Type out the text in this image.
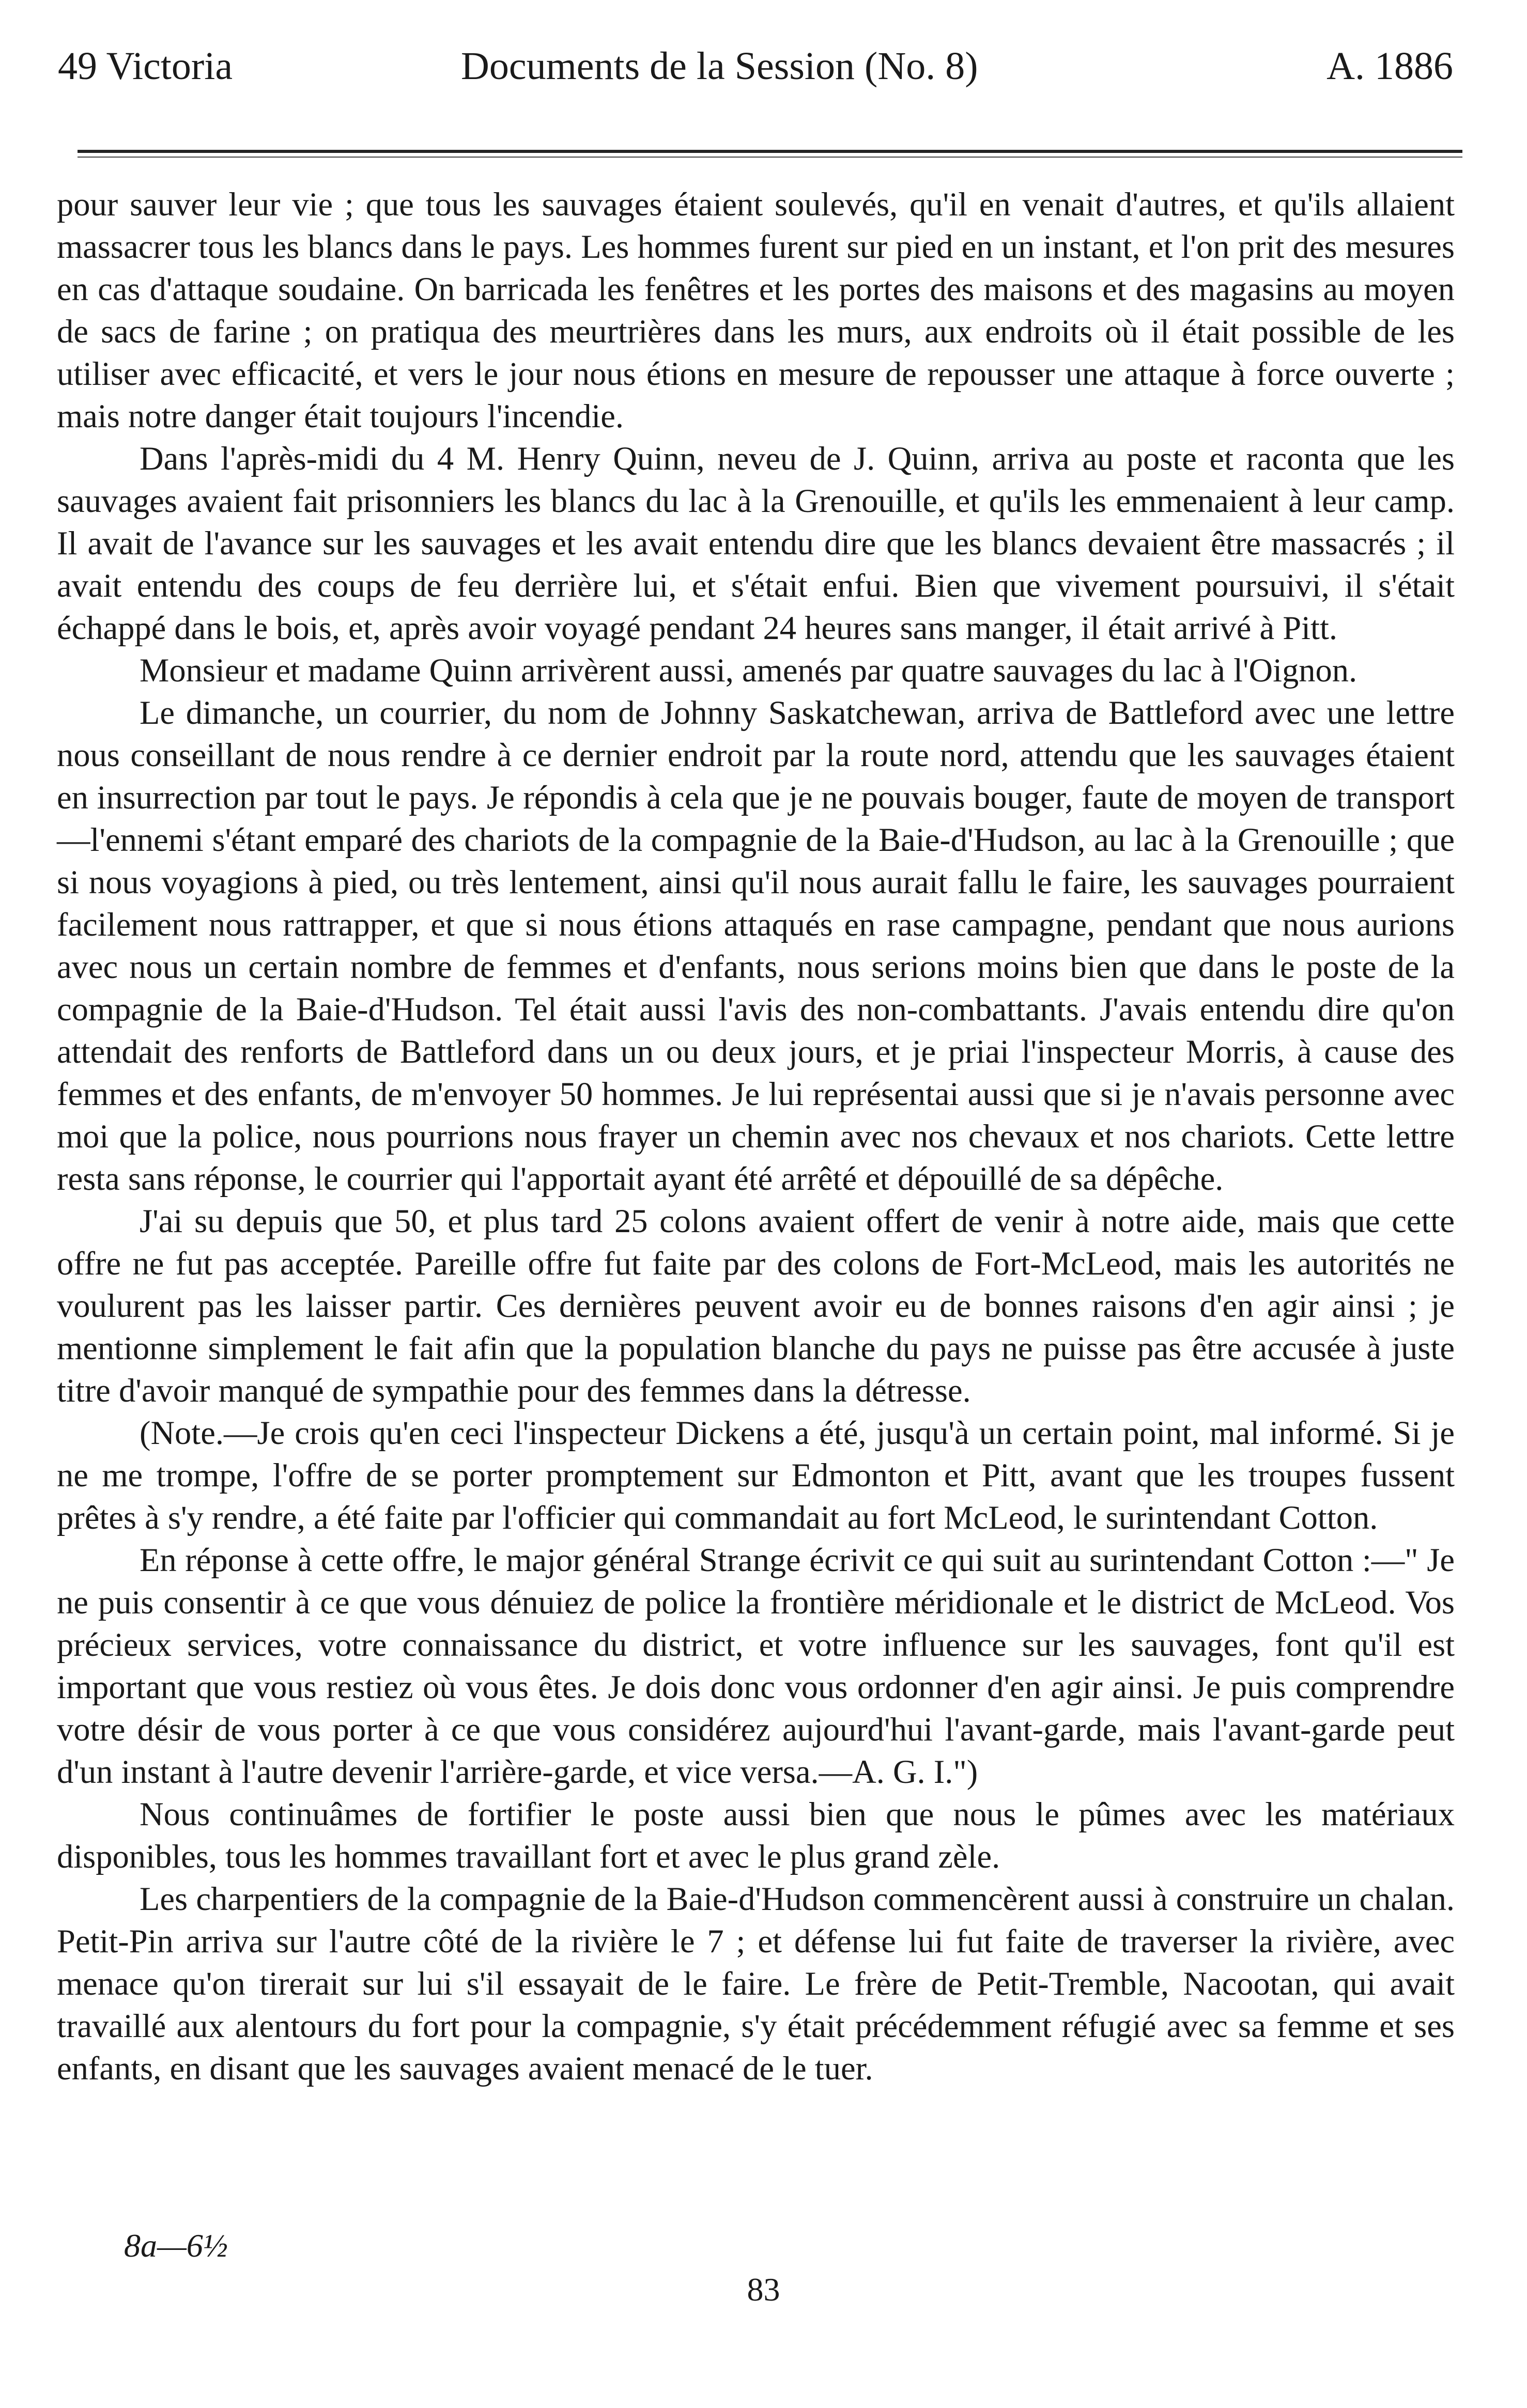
49 Victoria	Documents de la Session (No. 8)	A. 1886

pour sauver leur vie ; que tous les sauvages étaient soulevés, qu'il en venait d'autres, et qu'ils allaient massacrer tous les blancs dans le pays. Les hommes furent sur pied en un instant, et l'on prit des mesures en cas d'attaque soudaine. On barricada les fenêtres et les portes des maisons et des magasins au moyen de sacs de farine ; on pratiqua des meurtrières dans les murs, aux endroits où il était possible de les utiliser avec efficacité, et vers le jour nous étions en mesure de repousser une attaque à force ouverte ; mais notre danger était toujours l'incendie.

Dans l'après-midi du 4 M. Henry Quinn, neveu de J. Quinn, arriva au poste et raconta que les sauvages avaient fait prisonniers les blancs du lac à la Grenouille, et qu'ils les emmenaient à leur camp. Il avait de l'avance sur les sauvages et les avait entendu dire que les blancs devaient être massacrés ; il avait entendu des coups de feu derrière lui, et s'était enfui. Bien que vivement poursuivi, il s'était échappé dans le bois, et, après avoir voyagé pendant 24 heures sans manger, il était arrivé à Pitt.

Monsieur et madame Quinn arrivèrent aussi, amenés par quatre sauvages du lac à l'Oignon.

Le dimanche, un courrier, du nom de Johnny Saskatchewan, arriva de Battleford avec une lettre nous conseillant de nous rendre à ce dernier endroit par la route nord, attendu que les sauvages étaient en insurrection par tout le pays. Je répondis à cela que je ne pouvais bouger, faute de moyen de transport—l'ennemi s'étant emparé des chariots de la compagnie de la Baie-d'Hudson, au lac à la Grenouille ; que si nous voyagions à pied, ou très lentement, ainsi qu'il nous aurait fallu le faire, les sauvages pourraient facilement nous rattrapper, et que si nous étions attaqués en rase campagne, pendant que nous aurions avec nous un certain nombre de femmes et d'enfants, nous serions moins bien que dans le poste de la compagnie de la Baie-d'Hudson. Tel était aussi l'avis des non-combattants. J'avais entendu dire qu'on attendait des renforts de Battleford dans un ou deux jours, et je priai l'inspecteur Morris, à cause des femmes et des enfants, de m'envoyer 50 hommes. Je lui représentai aussi que si je n'avais personne avec moi que la police, nous pourrions nous frayer un chemin avec nos chevaux et nos chariots. Cette lettre resta sans réponse, le courrier qui l'apportait ayant été arrêté et dépouillé de sa dépêche.

J'ai su depuis que 50, et plus tard 25 colons avaient offert de venir à notre aide, mais que cette offre ne fut pas acceptée. Pareille offre fut faite par des colons de Fort-McLeod, mais les autorités ne voulurent pas les laisser partir. Ces dernières peuvent avoir eu de bonnes raisons d'en agir ainsi ; je mentionne simplement le fait afin que la population blanche du pays ne puisse pas être accusée à juste titre d'avoir manqué de sympathie pour des femmes dans la détresse.

(Note.—Je crois qu'en ceci l'inspecteur Dickens a été, jusqu'à un certain point, mal informé. Si je ne me trompe, l'offre de se porter promptement sur Edmonton et Pitt, avant que les troupes fussent prêtes à s'y rendre, a été faite par l'officier qui commandait au fort McLeod, le surintendant Cotton.

En réponse à cette offre, le major général Strange écrivit ce qui suit au surintendant Cotton :—" Je ne puis consentir à ce que vous dénuiez de police la frontière méridionale et le district de McLeod. Vos précieux services, votre connaissance du district, et votre influence sur les sauvages, font qu'il est important que vous restiez où vous êtes. Je dois donc vous ordonner d'en agir ainsi. Je puis comprendre votre désir de vous porter à ce que vous considérez aujourd'hui l'avant-garde, mais l'avant-garde peut d'un instant à l'autre devenir l'arrière-garde, et vice versa.—A. G. I.")

Nous continuâmes de fortifier le poste aussi bien que nous le pûmes avec les matériaux disponibles, tous les hommes travaillant fort et avec le plus grand zèle.

Les charpentiers de la compagnie de la Baie-d'Hudson commencèrent aussi à construire un chalan. Petit-Pin arriva sur l'autre côté de la rivière le 7 ; et défense lui fut faite de traverser la rivière, avec menace qu'on tirerait sur lui s'il essayait de le faire. Le frère de Petit-Tremble, Nacootan, qui avait travaillé aux alentours du fort pour la compagnie, s'y était précédemment réfugié avec sa femme et ses enfants, en disant que les sauvages avaient menacé de le tuer.

8a—6½
83
